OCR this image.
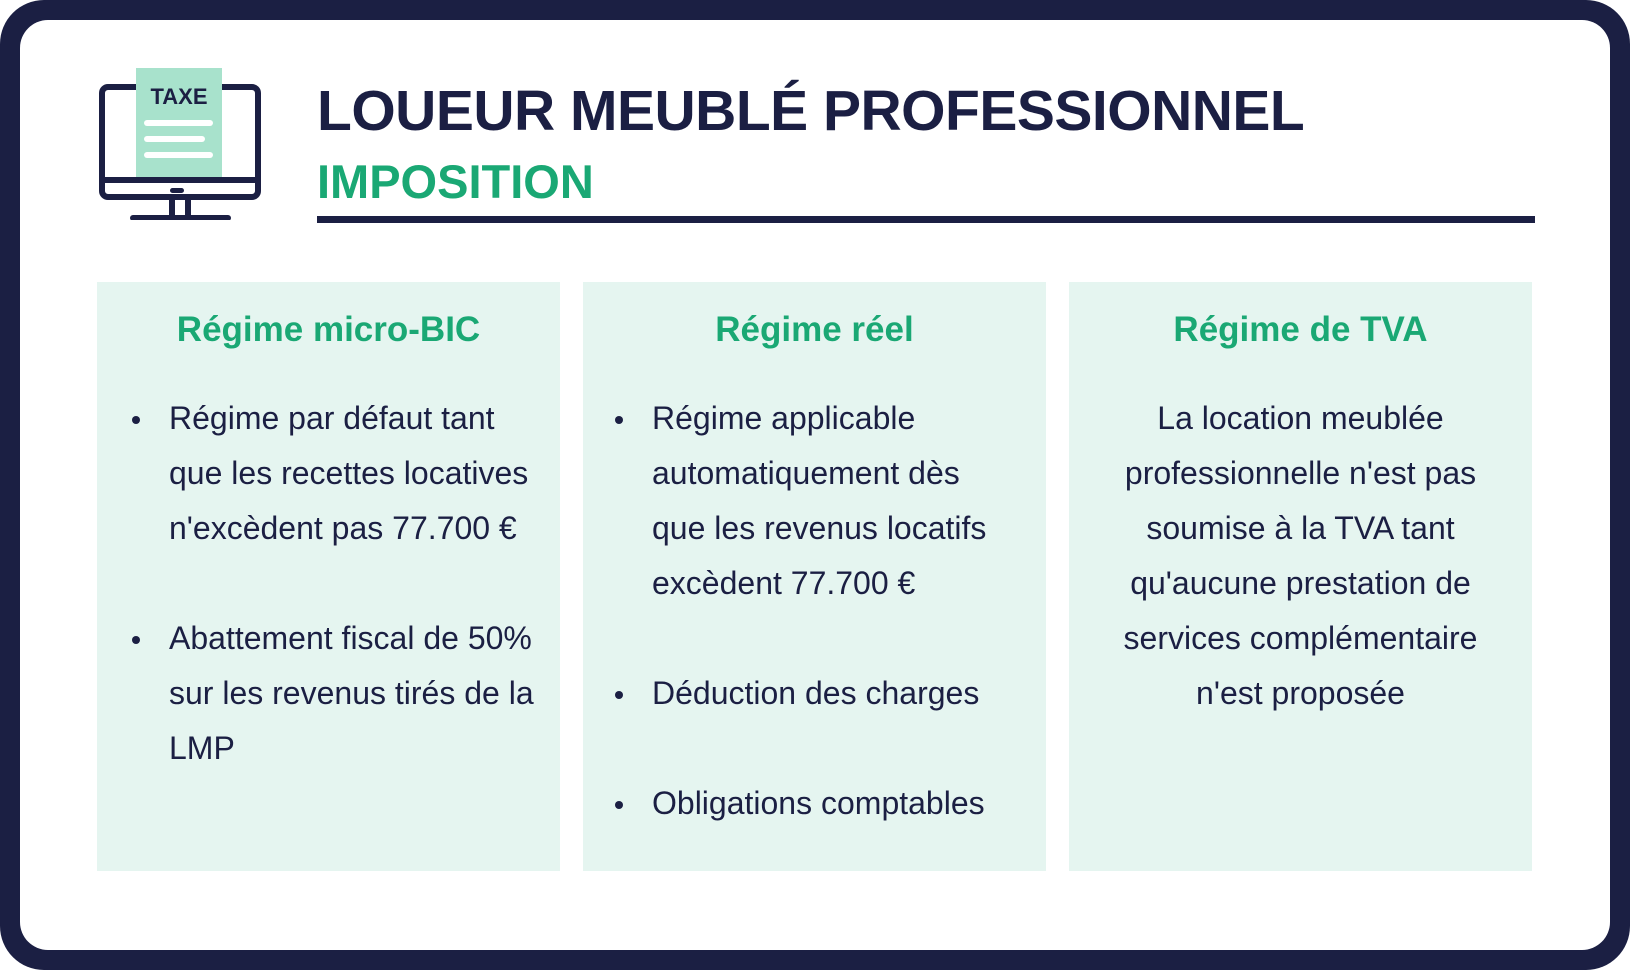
TAXE LOUEUR MEUBLÉ PROFESSIONNEL
IMPOSITION
Régime micro-BIC
Régime par défaut tant que les recettes locatives n'excèdent pas 77.700 €
Abattement fiscal de 50% sur les revenus tirés de la LMP
Régime réel
Régime applicable automatiquement dès que les revenus locatifs excèdent 77.700 €
Déduction des charges
Obligations comptables
Régime de TVA

La location meublée professionnelle n'est pas soumise à la TVA tant qu'aucune prestation de services complémentaire n'est proposée
